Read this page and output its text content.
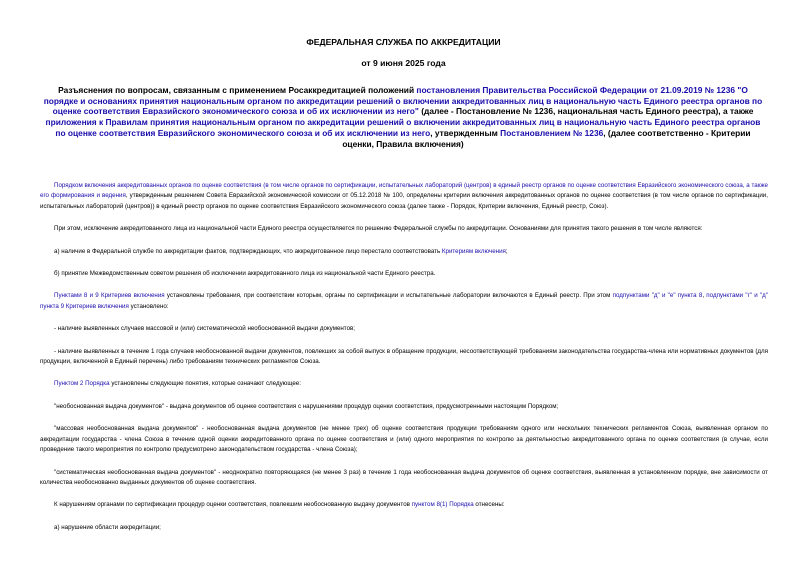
ФЕДЕРАЛЬНАЯ СЛУЖБА ПО АККРЕДИТАЦИИ
от 9 июня 2025 года
Разъяснения по вопросам, связанным с применением Росаккредитацией положений постановления Правительства Российской Федерации от 21.09.2019 № 1236 "О порядке и основаниях принятия национальным органом по аккредитации решений о включении аккредитованных лиц в национальную часть Единого реестра органов по оценке соответствия Евразийского экономического союза и об их исключении из него" (далее - Постановление № 1236, национальная часть Единого реестра), а также приложения к Правилам принятия национальным органом по аккредитации решений о включении аккредитованных лиц в национальную часть Единого реестра органов по оценке соответствия Евразийского экономического союза и об их исключении из него, утвержденным Постановлением № 1236, (далее соответственно - Критерии оценки, Правила включения)

Порядком включения аккредитованных органов по оценке соответствия (в том числе органов по сертификации, испытательных лабораторий (центров) в единый реестр органов по оценке соответствия Евразийского экономического союза, а также его формирования и ведения, утвержденным решением Совета Евразийской экономической комиссии от 05.12.2018 № 100, определены критерии включения аккредитованных органов по оценке соответствия (в том числе органов по сертификации, испытательных лабораторий (центров)) в единый реестр органов по оценке соответствия Евразийского экономического союза (далее также - Порядок, Критерии включения, Единый реестр, Союз).

При этом, исключение аккредитованного лица из национальной части Единого реестра осуществляется по решению Федеральной службы по аккредитации. Основаниями для принятия такого решения в том числе являются:

а) наличие в Федеральной службе по аккредитации фактов, подтверждающих, что аккредитованное лицо перестало соответствовать Критериям включения;

б) принятие Межведомственным советом решения об исключении аккредитованного лица из национальной части Единого реестра.

Пунктами 8 и 9 Критериев включения установлены требования, при соответствии которым, органы по сертификации и испытательные лаборатории включаются в Единый реестр. При этом подпунктами "д" и "е" пункта 8, подпунктами "г" и "д" пункта 9 Критериев включения установлено:

- наличие выявленных случаев массовой и (или) систематической необоснованной выдачи документов;

- наличие выявленных в течение 1 года случаев необоснованной выдачи документов, повлекших за собой выпуск в обращение продукции, несоответствующей требованиям законодательства государства-члена или нормативных документов (для продукции, включенной в Единый перечень) либо требованиям технических регламентов Союза.

Пунктом 2 Порядка установлены следующие понятия, которые означают следующее:

"необоснованная выдача документов" - выдача документов об оценке соответствия с нарушениями процедур оценки соответствия, предусмотренными настоящим Порядком;

"массовая необоснованная выдача документов" - необоснованная выдача документов (не менее трех) об оценке соответствия продукции требованиям одного или нескольких технических регламентов Союза, выявленная органом по аккредитации государства - члена Союза в течение одной оценки аккредитованного органа по оценке соответствия и (или) одного мероприятия по контролю за деятельностью аккредитованного органа по оценке соответствия (в случае, если проведение такого мероприятия по контролю предусмотрено законодательством государства - члена Союза);

"систематическая необоснованная выдача документов" - неоднократно повторяющаяся (не менее 3 раз) в течение 1 года необоснованная выдача документов об оценке соответствия, выявленная в установленном порядке, вне зависимости от количества необоснованно выданных документов об оценке соответствия.

К нарушениям органами по сертификации процедур оценки соответствия, повлекшим необоснованную выдачу документов пунктом 8(1) Порядка отнесены:

а) нарушение области аккредитации;
